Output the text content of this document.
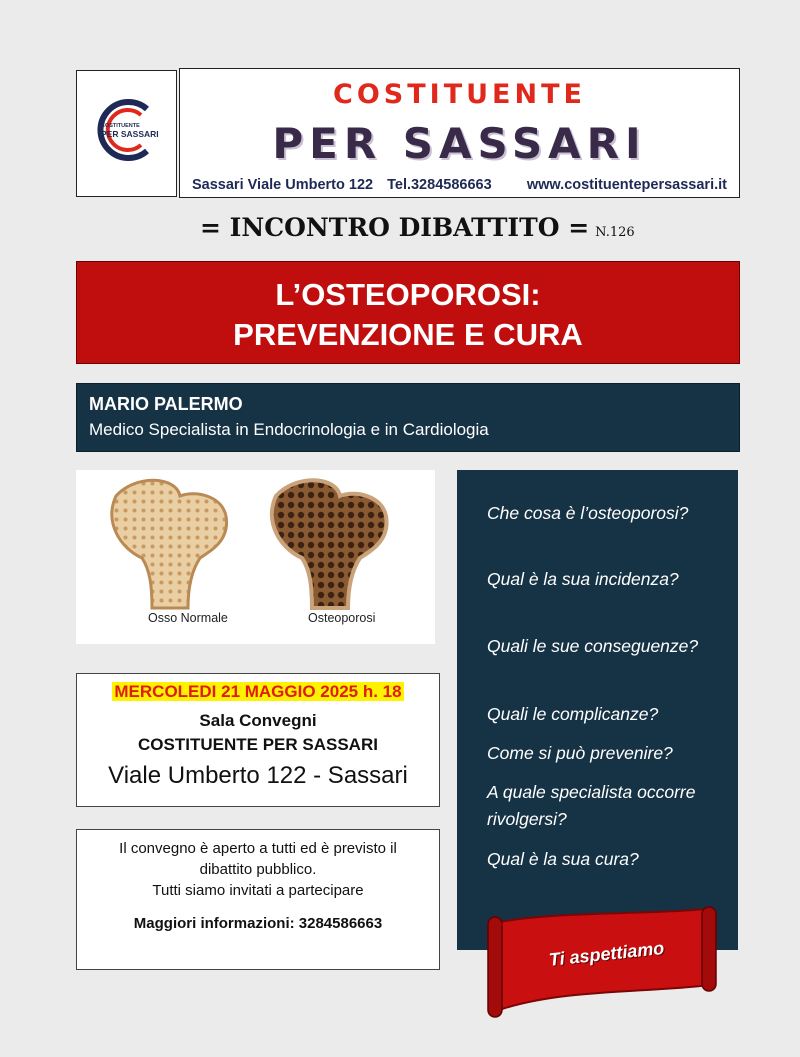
COSTITUENTE
PER SASSARI
COSTITUENTE
PER SASSARI
Sassari Viale Umberto 122 Tel.3284586663	www.costituentepersassari.it
= INCONTRO DIBATTITO = N.126
L’OSTEOPOROSI:
PREVENZIONE E CURA
MARIO PALERMO
Medico Specialista in Endocrinologia e in Cardiologia
Osso Normale	Osteoporosi
MERCOLEDI 21 MAGGIO 2025 h. 18
Sala Convegni
COSTITUENTE PER SASSARI
Viale Umberto 122 - Sassari
Il convegno è aperto a tutti ed è previsto il
dibattito pubblico.
Tutti siamo invitati a partecipare
Maggiori informazioni: 3284586663
Che cosa è l’osteoporosi?
Qual è la sua incidenza?
Quali le sue conseguenze?
Quali le complicanze?
Come si può prevenire?
A quale specialista occorre rivolgersi?
Qual è la sua cura?
Ti aspettiamo
